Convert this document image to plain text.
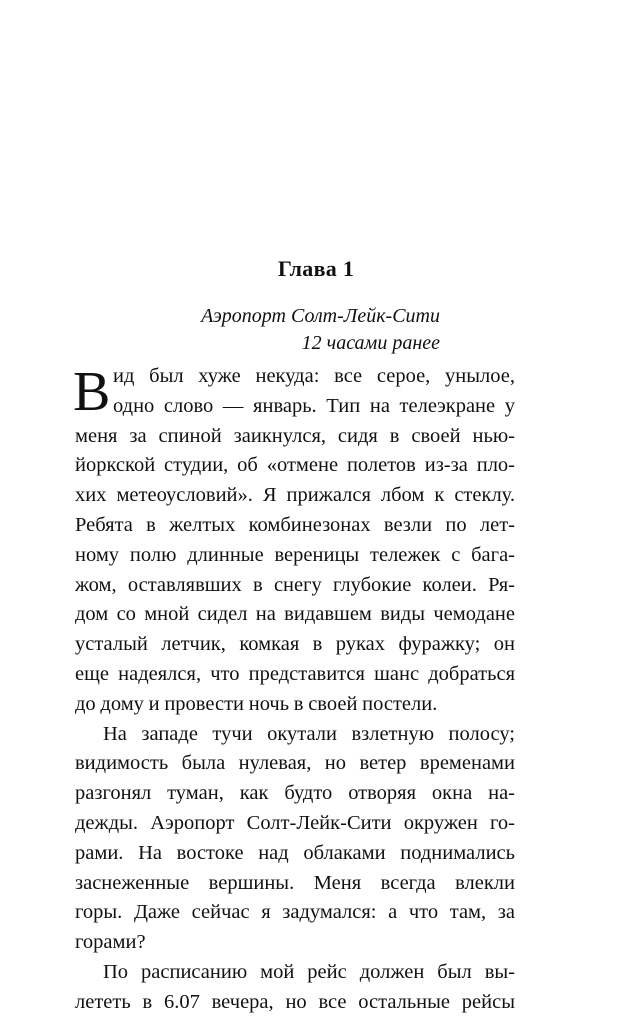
Глава 1
Аэропорт Солт-Лейк-Сити
12 часами ранее
В ид был хуже некуда: все серое, унылое,
одно слово — январь. Тип на телеэкране у
меня за спиной заикнулся, сидя в своей нью-
йоркской студии, об «отмене полетов из-за пло-
хих метеоусловий». Я прижался лбом к стеклу.
Ребята в желтых комбинезонах везли по лет-
ному полю длинные вереницы тележек с бага-
жом, оставлявших в снегу глубокие колеи. Ря-
дом со мной сидел на видавшем виды чемодане
усталый летчик, комкая в руках фуражку; он
еще надеялся, что представится шанс добраться
до дому и провести ночь в своей постели.
На западе тучи окутали взлетную полосу;
видимость была нулевая, но ветер временами
разгонял туман, как будто отворяя окна на-
дежды. Аэропорт Солт-Лейк-Сити окружен го-
рами. На востоке над облаками поднимались
заснеженные вершины. Меня всегда влекли
горы. Даже сейчас я задумался: а что там, за
горами?
По расписанию мой рейс должен был вы-
лететь в 6.07 вечера, но все остальные рейсы
